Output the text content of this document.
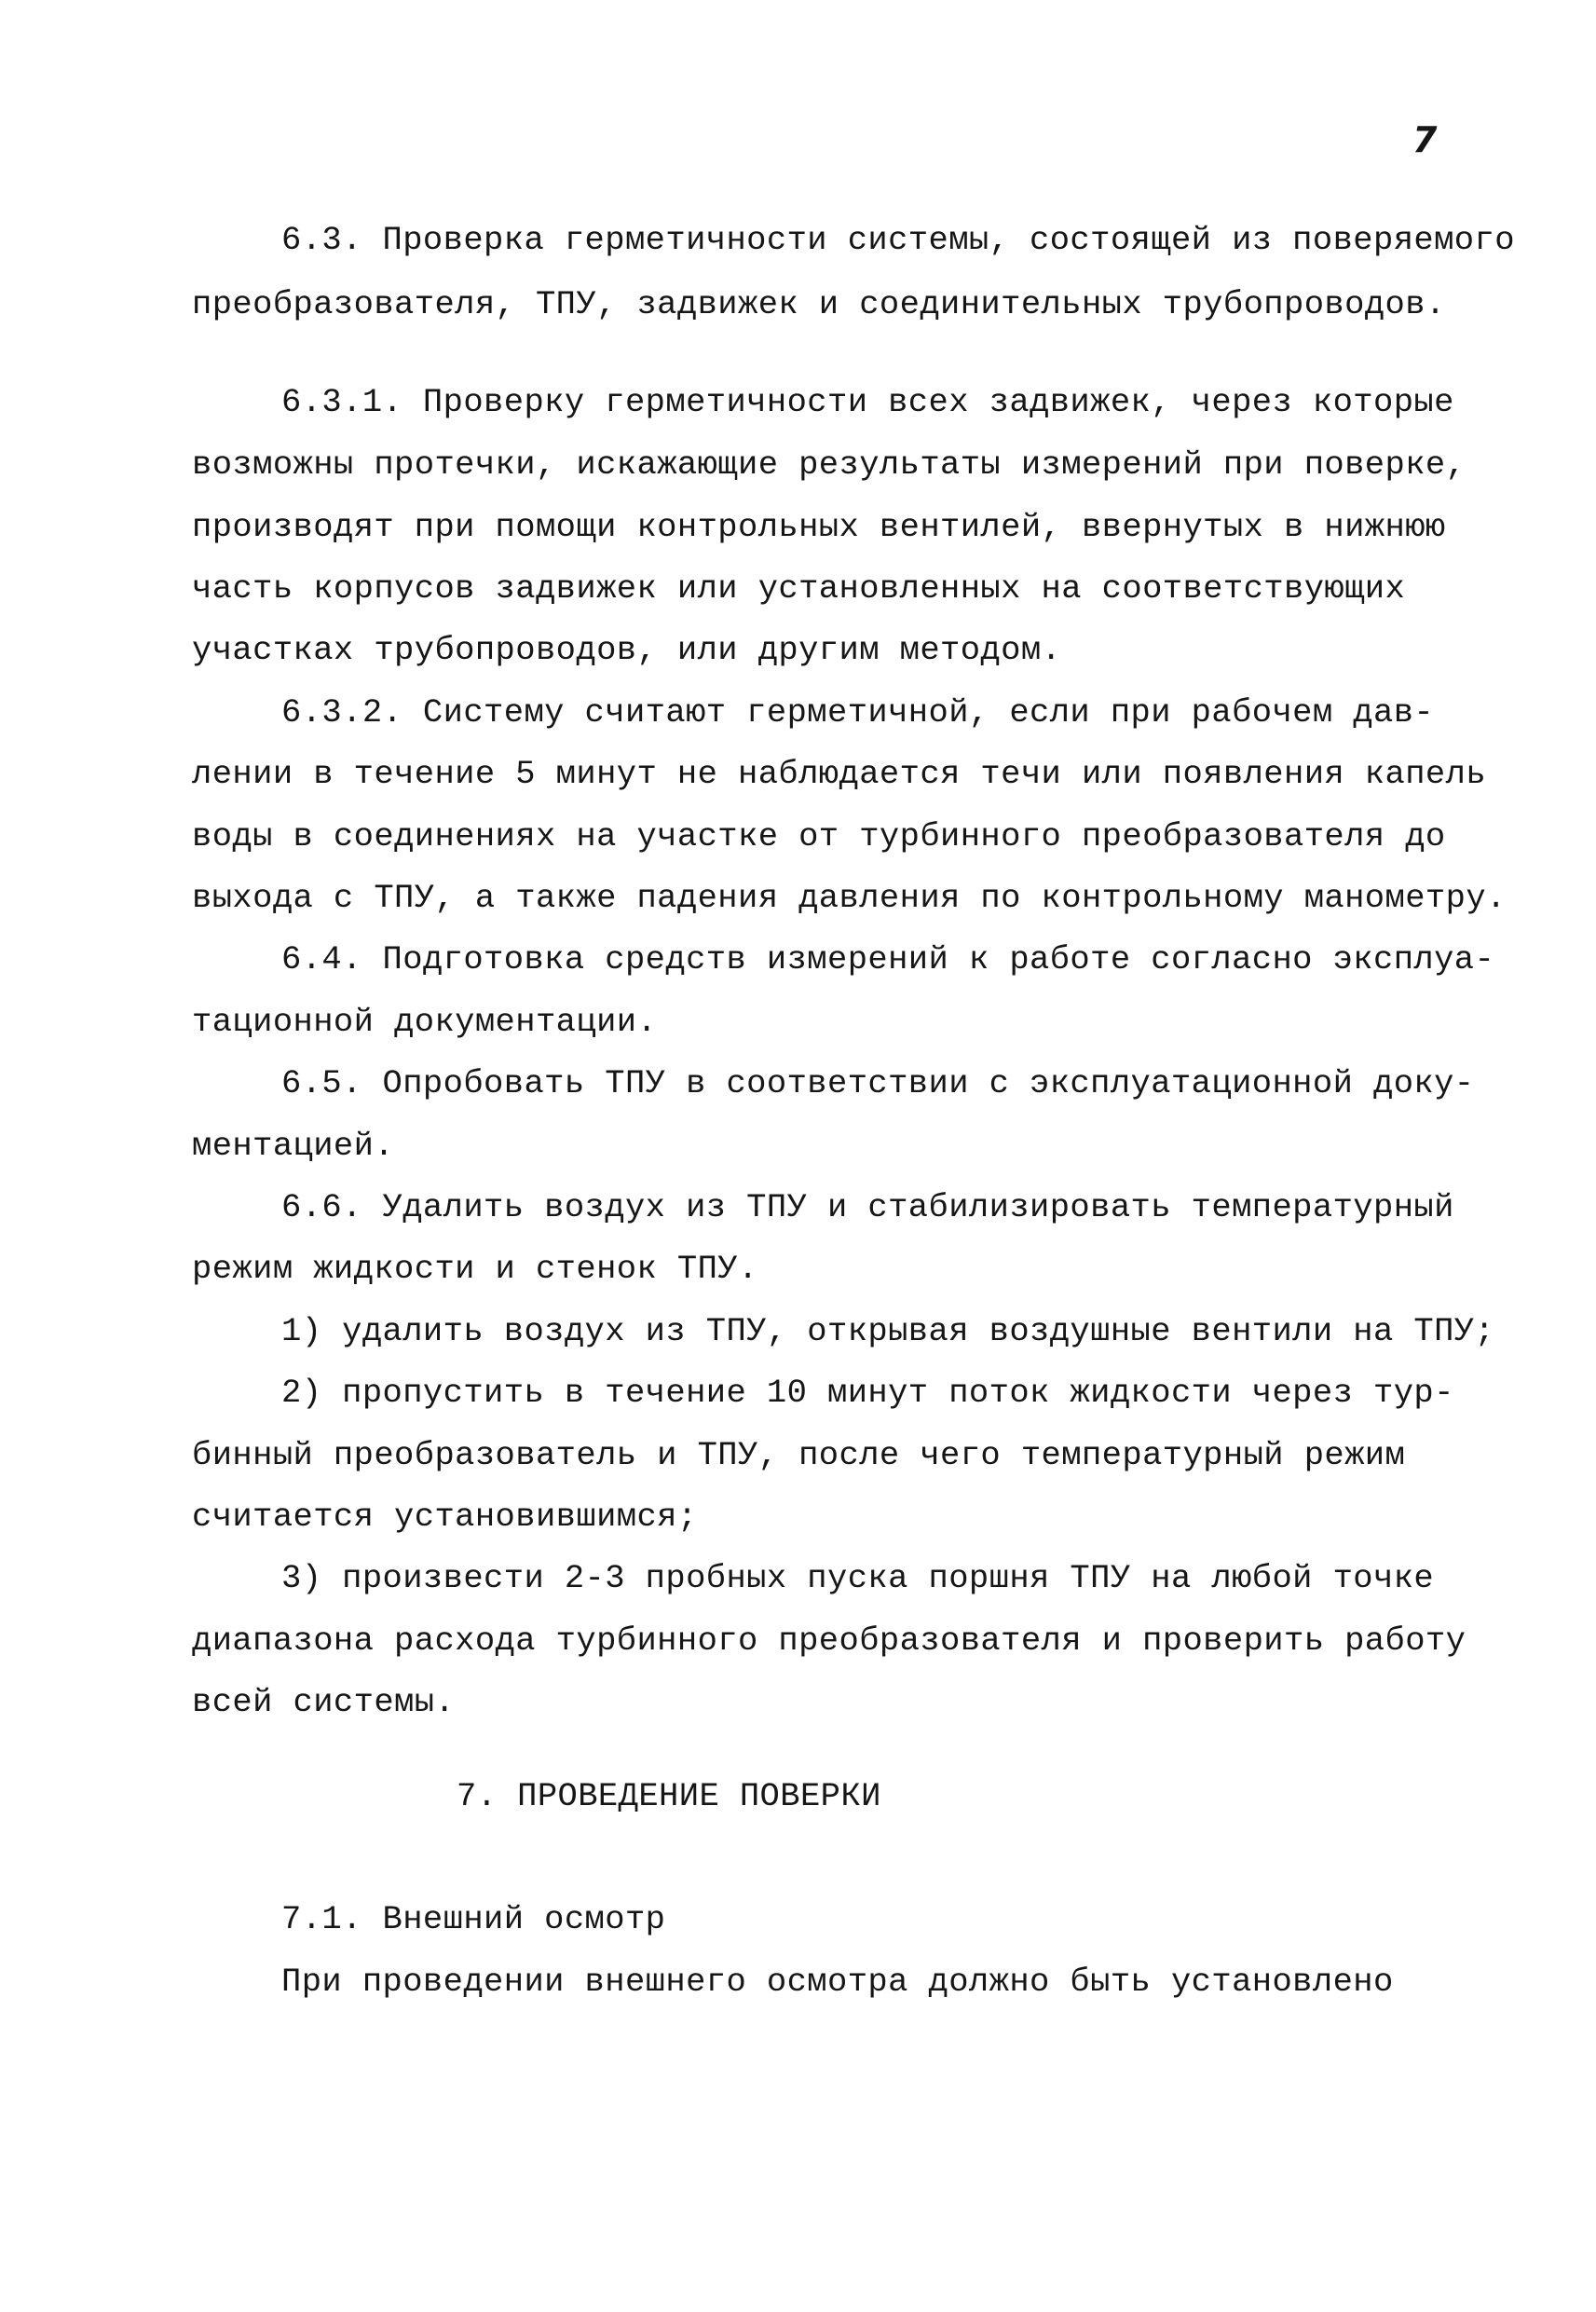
7
6.3. Проверка герметичности системы, состоящей из поверяемого
преобразователя, ТПУ, задвижек и соединительных трубопроводов.
6.3.1. Проверку герметичности всех задвижек, через которые
возможны протечки, искажающие результаты измерений при поверке,
производят при помощи контрольных вентилей, ввернутых в нижнюю
часть корпусов задвижек или установленных на соответствующих
участках трубопроводов, или другим методом.
6.3.2. Систему считают герметичной, если при рабочем дав-
лении в течение 5 минут не наблюдается течи или появления капель
воды в соединениях на участке от турбинного преобразователя до
выхода с ТПУ, а также падения давления по контрольному манометру.
6.4. Подготовка средств измерений к работе согласно эксплуа-
тационной документации.
6.5. Опробовать ТПУ в соответствии с эксплуатационной доку-
ментацией.
6.6. Удалить воздух из ТПУ и стабилизировать температурный
режим жидкости и стенок ТПУ.
1) удалить воздух из ТПУ, открывая воздушные вентили на ТПУ;
2) пропустить в течение 10 минут поток жидкости через тур-
бинный преобразователь и ТПУ, после чего температурный режим
считается установившимся;
3) произвести 2-3 пробных пуска поршня ТПУ на любой точке
диапазона расхода турбинного преобразователя и проверить работу
всей системы.
7. ПРОВЕДЕНИЕ ПОВЕРКИ
7.1. Внешний осмотр
При проведении внешнего осмотра должно быть установлено
